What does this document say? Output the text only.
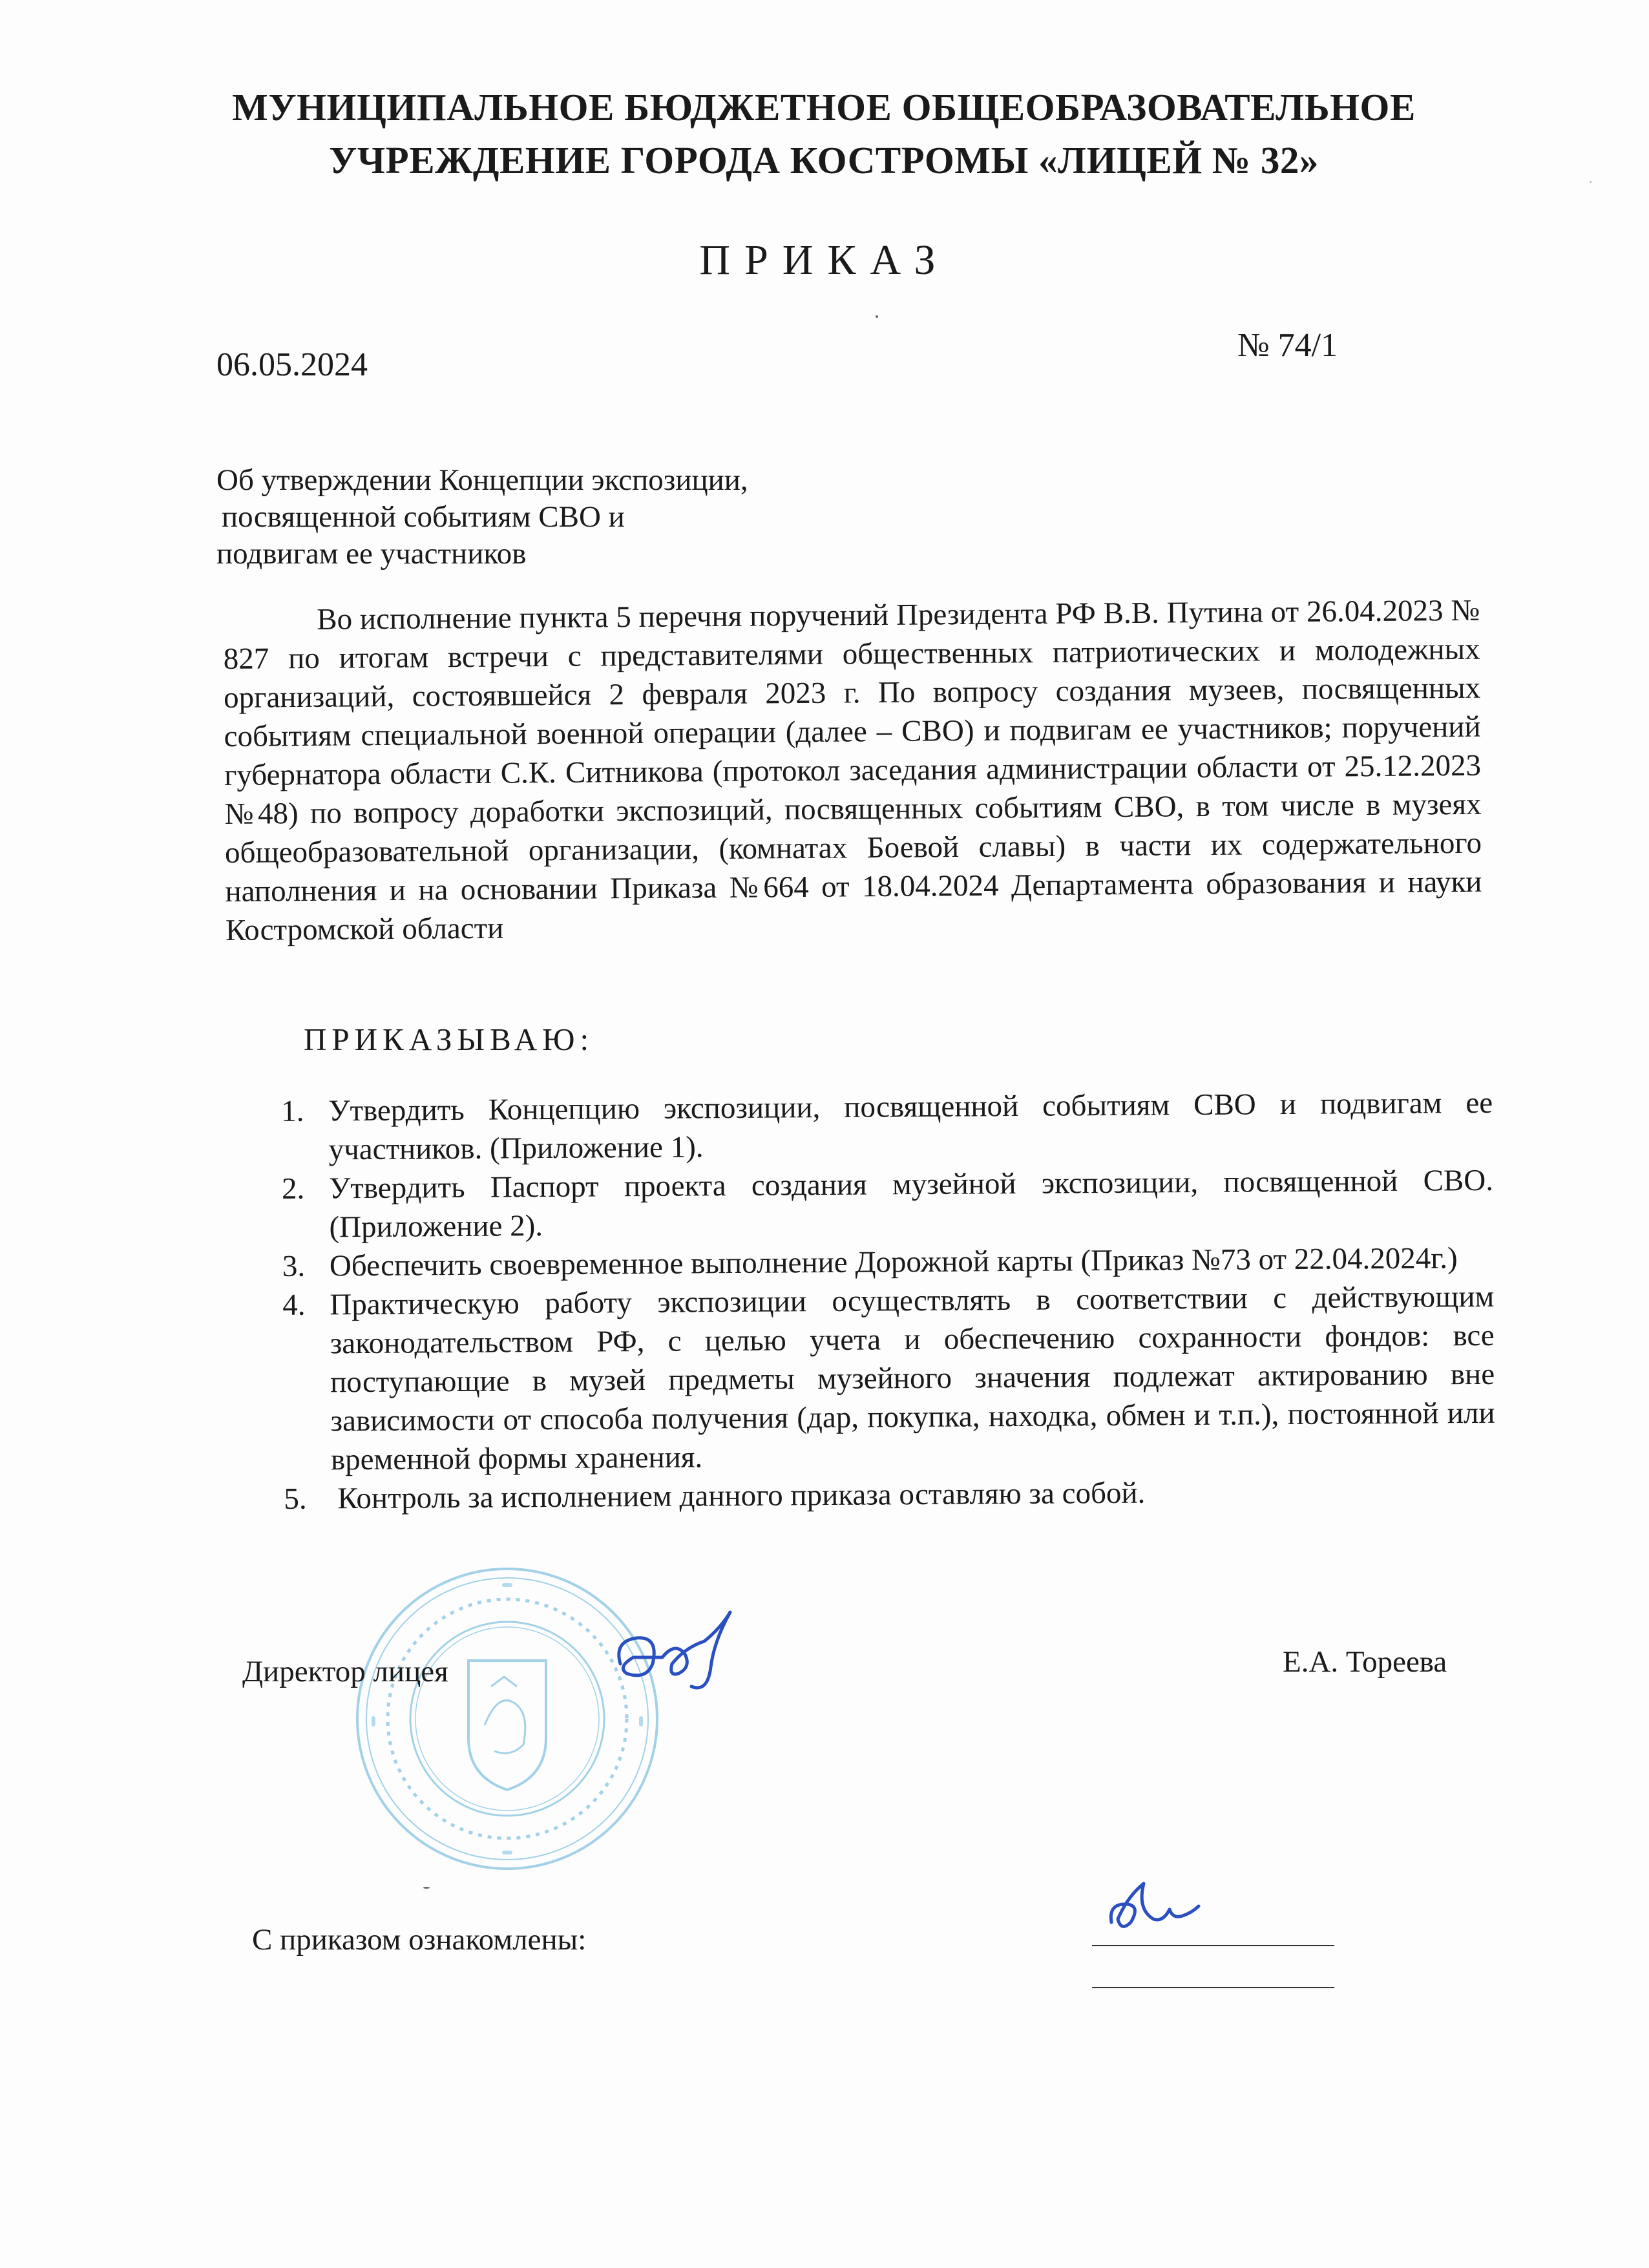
МУНИЦИПАЛЬНОЕ БЮДЖЕТНОЕ ОБЩЕОБРАЗОВАТЕЛЬНОЕ
УЧРЕЖДЕНИЕ ГОРОДА КОСТРОМЫ «ЛИЦЕЙ № 32»
ПРИКАЗ
06.05.2024
№ 74/1
Об утверждении Концепции экспозиции,
посвященной событиям СВО и
подвигам ее участников
Во исполнение пункта 5 перечня поручений Президента РФ В.В. Путина от 26.04.2023 № 827 по итогам встречи с представителями общественных патриотических и молодежных организаций, состоявшейся 2 февраля 2023 г. По вопросу создания музеев, посвященных событиям специальной военной операции (далее – СВО) и подвигам ее участников; поручений губернатора области С.К. Ситникова (протокол заседания администрации области от 25.12.2023 №48) по вопросу доработки экспозиций, посвященных событиям СВО, в том числе в музеях общеобразовательной организации, (комнатах Боевой славы) в части их содержательного наполнения и на основании Приказа №664 от 18.04.2024 Департамента образования и науки Костромской области
ПРИКАЗЫВАЮ:
1. Утвердить Концепцию экспозиции, посвященной событиям СВО и подвигам ее участников. (Приложение 1).
2. Утвердить Паспорт проекта создания музейной экспозиции, посвященной СВО. (Приложение 2).
3. Обеспечить своевременное выполнение Дорожной карты (Приказ №73 от 22.04.2024г.)
4. Практическую работу экспозиции осуществлять в соответствии с действующим законодательством РФ, с целью учета и обеспечению сохранности фондов: все поступающие в музей предметы музейного значения подлежат актированию вне зависимости от способа получения (дар, покупка, находка, обмен и т.п.), постоянной или временной формы хранения.
5. Контроль за исполнением данного приказа оставляю за собой.
Директор лицея	Е.А. Тореева
С приказом ознакомлены:
